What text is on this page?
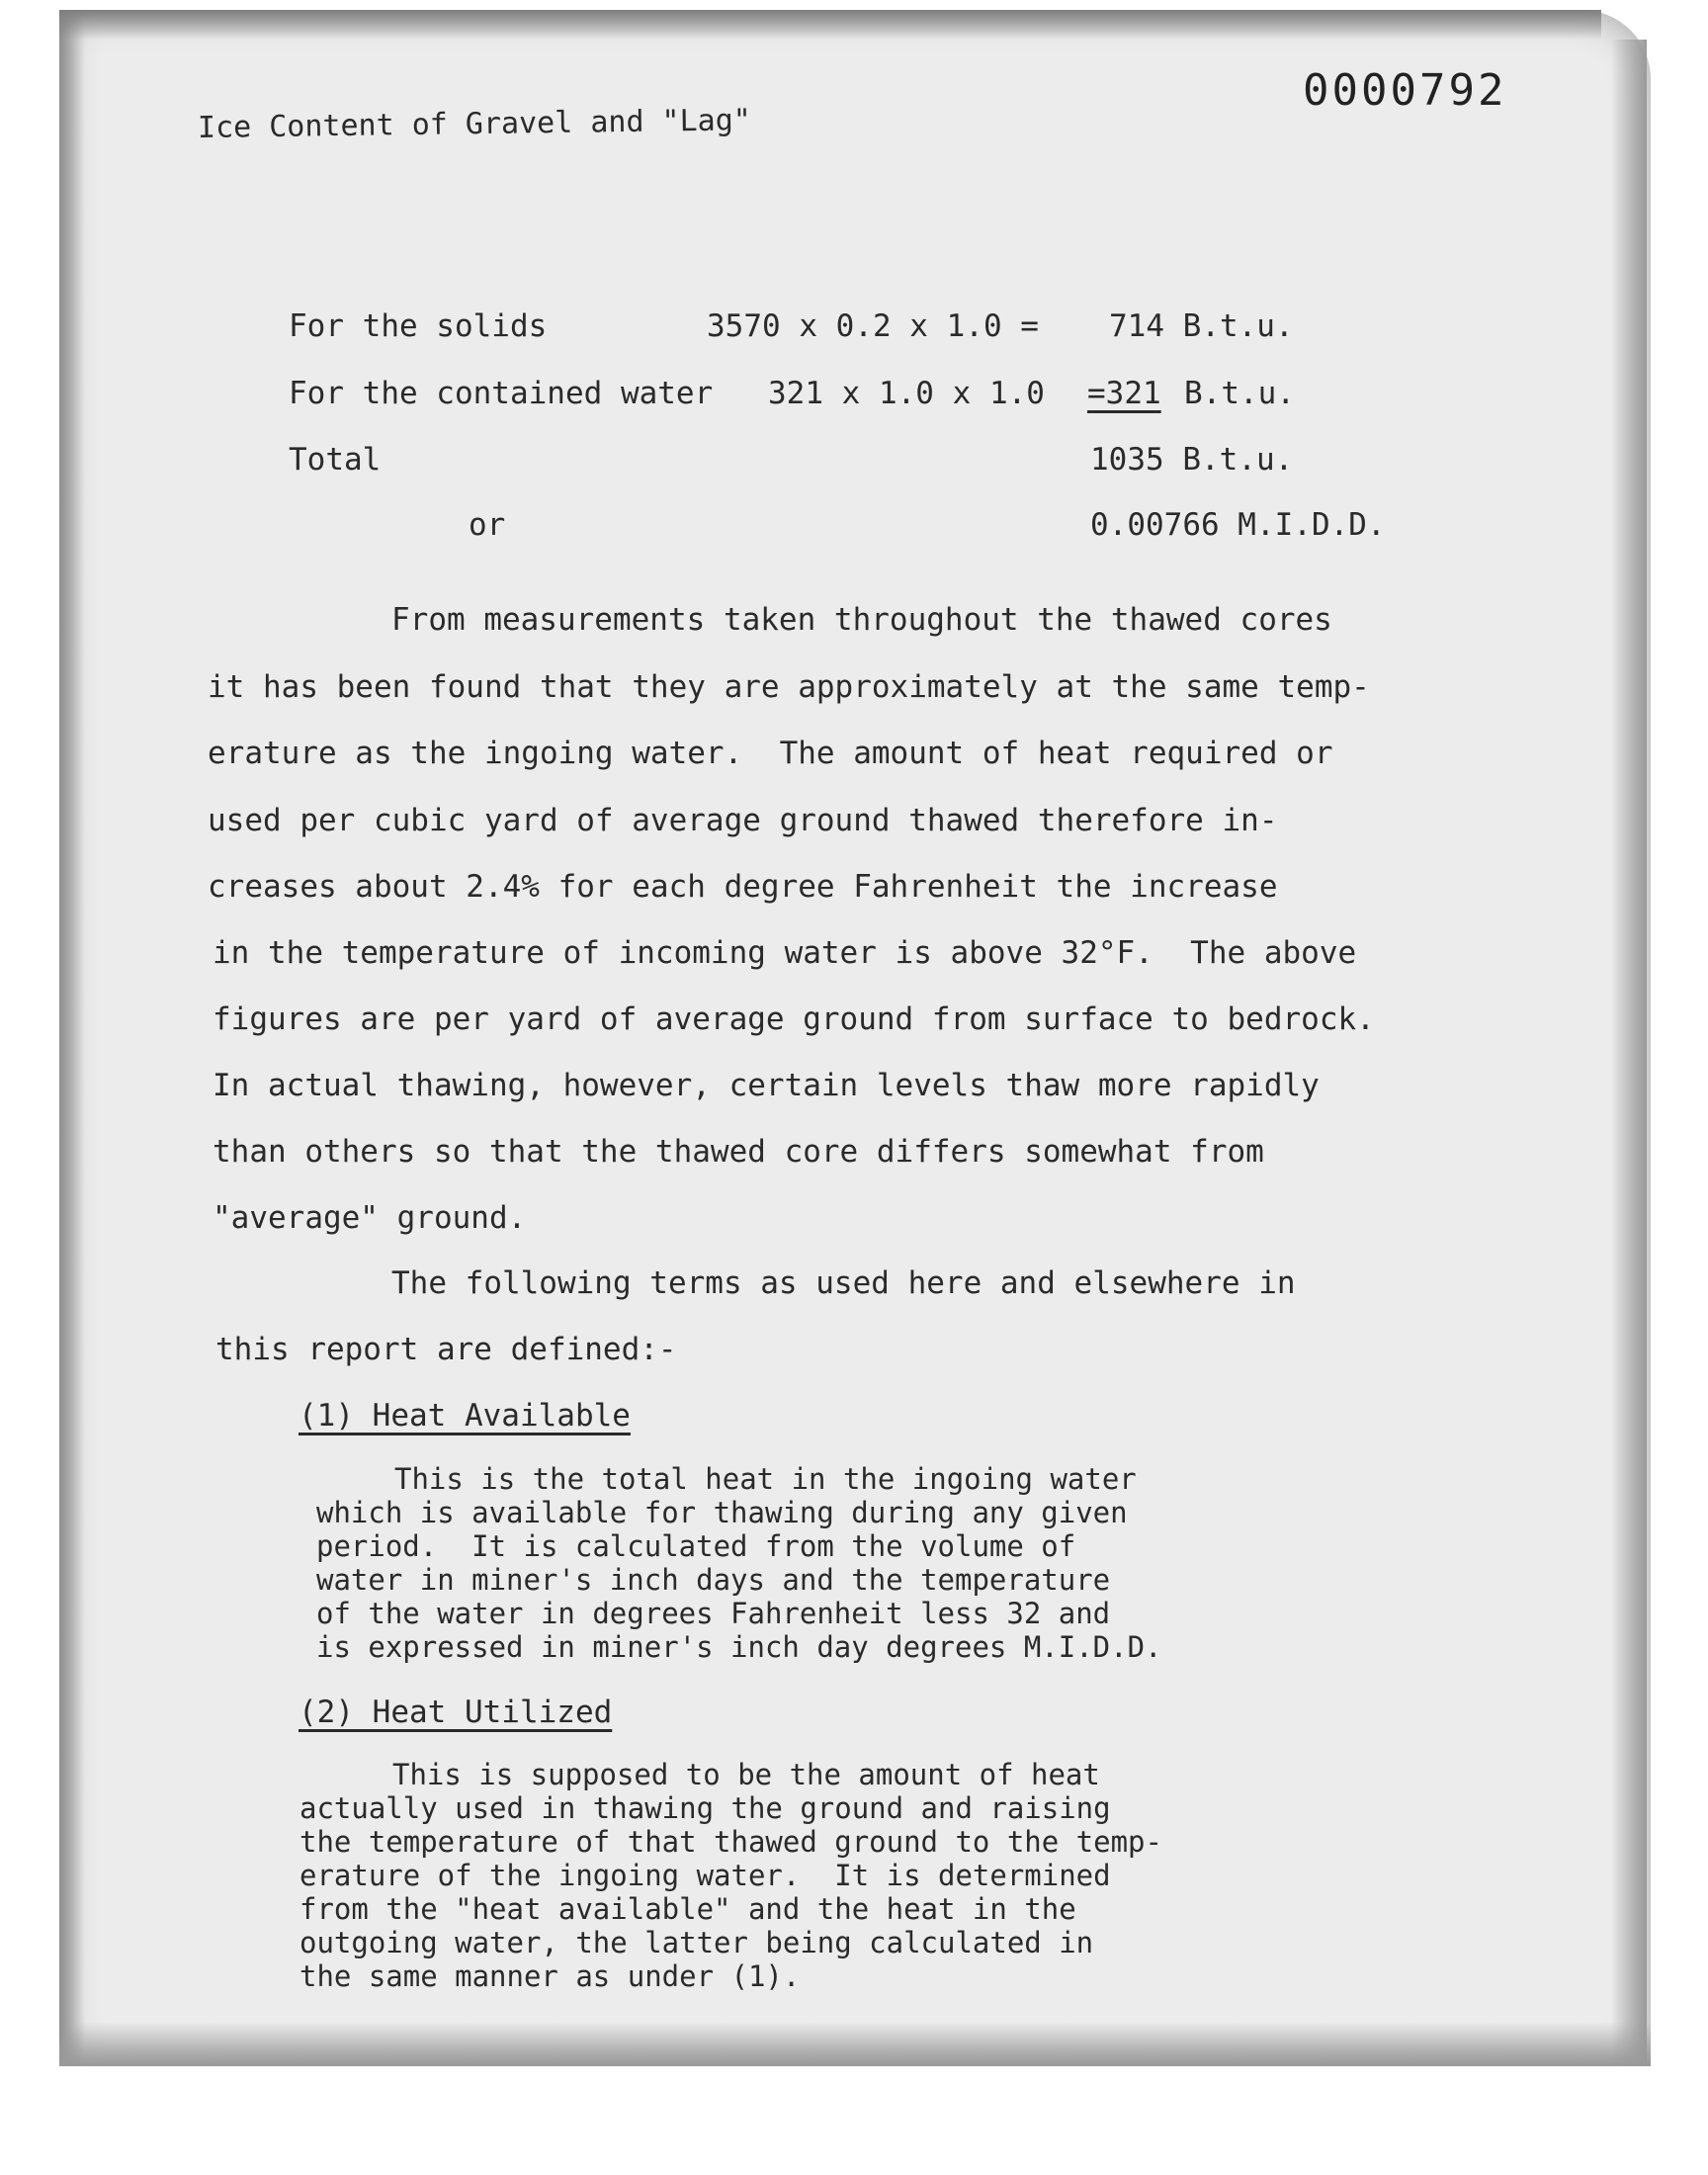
0000792
Ice Content of Gravel and "Lag"
For the solids	3570 x 0.2 x 1.0 = 714 B.t.u.
For the contained water 321 x 1.0 x 1.0 =321 B.t.u.
Total	1035 B.t.u.
or	0.00766 M.I.D.D.
From measurements taken throughout the thawed cores
it has been found that they are approximately at the same temp-
erature as the ingoing water.  The amount of heat required or
used per cubic yard of average ground thawed therefore in-
creases about 2.4% for each degree Fahrenheit the increase
in the temperature of incoming water is above 32°F.  The above
figures are per yard of average ground from surface to bedrock.
In actual thawing, however, certain levels thaw more rapidly
than others so that the thawed core differs somewhat from
"average" ground.
The following terms as used here and elsewhere in
this report are defined:-
(1) Heat Available
This is the total heat in the ingoing water
which is available for thawing during any given
period.  It is calculated from the volume of
water in miner's inch days and the temperature
of the water in degrees Fahrenheit less 32 and
is expressed in miner's inch day degrees M.I.D.D.
(2) Heat Utilized
This is supposed to be the amount of heat
actually used in thawing the ground and raising
the temperature of that thawed ground to the temp-
erature of the ingoing water.  It is determined
from the "heat available" and the heat in the
outgoing water, the latter being calculated in
the same manner as under (1).
